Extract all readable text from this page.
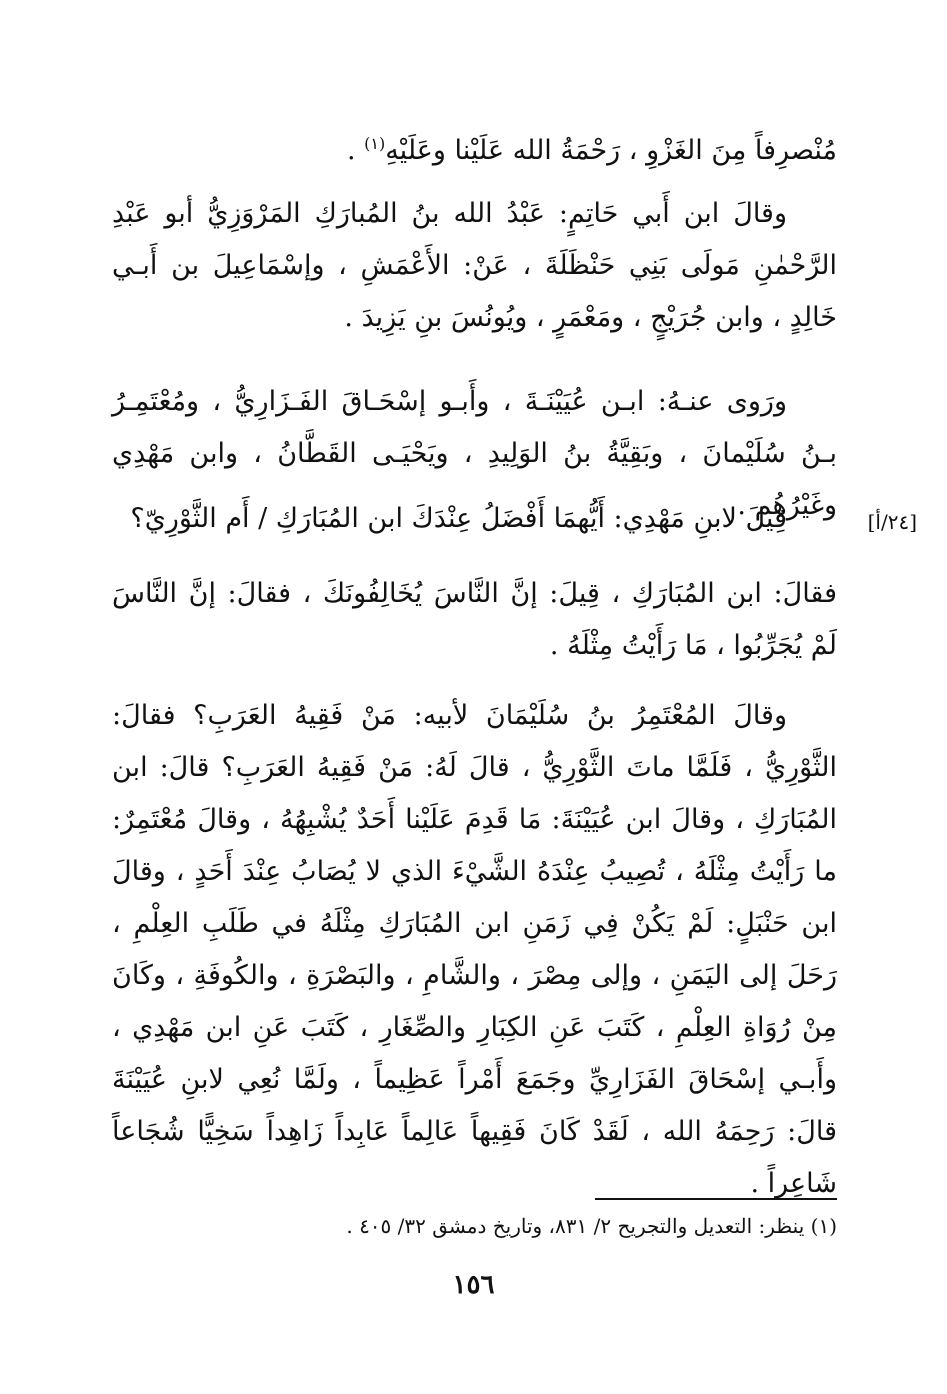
مُنْصرِفاً مِنَ الغَزْوِ ، رَحْمَةُ الله عَلَيْنا وعَلَيْهِ$^{(١)}$ .

وقالَ ابن أَبي حَاتِمٍ: عَبْدُ الله بنُ المُبارَكِ المَرْوَزِيُّ أبو عَبْدِ الرَّحْمٰنِ مَولَى بَنِي حَنْظَلَةَ ، عَنْ: الأَعْمَشِ ، وإسْمَاعِيلَ بن أَبـي خَالِدٍ ، وابن جُرَيْجٍ ، ومَعْمَرٍ ، ويُونُسَ بنِ يَزِيدَ .

ورَوى عنـهُ: ابـن عُيَيْنَـةَ ، وأَبـو إسْحَـاقَ الفَـزَارِيُّ ، ومُعْتَمِـرُ بـنُ سُلَيْمانَ ، وبَقِيَّةُ بنُ الوَلِيدِ ، ويَحْيَـى القَطَّانُ ، وابن مَهْدِي وغَيْرُهُم .

قِيلَ لابنِ مَهْدِي: أَيُّهمَا أَفْضَلُ عِنْدَكَ ابن المُبَارَكِ / أَم الثَّوْرِيّ؟	[٢٤/أ]

فقالَ: ابن المُبَارَكِ ، قِيلَ: إنَّ النَّاسَ يُخَالِفُونَكَ ، فقالَ: إنَّ النَّاسَ لَمْ يُجَرِّبُوا ، مَا رَأَيْتُ مِثْلَهُ .

وقالَ المُعْتَمِرُ بنُ سُلَيْمَانَ لأبيه: مَنْ فَقِيهُ العَرَبِ؟ فقالَ: الثَّوْرِيُّ ، فَلَمَّا ماتَ الثَّوْرِيُّ ، قالَ لَهُ: مَنْ فَقِيهُ العَرَبِ؟ قالَ: ابن المُبَارَكِ ، وقالَ ابن عُيَيْنَةَ: مَا قَدِمَ عَلَيْنا أَحَدٌ يُشْبِهُهُ ، وقالَ مُعْتَمِرٌ: ما رَأَيْتُ مِثْلَهُ ، تُصِيبُ عِنْدَهُ الشَّيْءَ الذي لا يُصَابُ عِنْدَ أَحَدٍ ، وقالَ ابن حَنْبَلٍ: لَمْ يَكُنْ فِي زَمَنِ ابن المُبَارَكِ مِثْلَهُ في طَلَبِ العِلْمِ ، رَحَلَ إلى اليَمَنِ ، وإلى مِصْرَ ، والشَّامِ ، والبَصْرَةِ ، والكُوفَةِ ، وكَانَ مِنْ رُوَاةِ العِلْمِ ، كَتَبَ عَنِ الكِبَارِ والصِّغَارِ ، كَتَبَ عَنِ ابن مَهْدِي ، وأَبـي إسْحَاقَ الفَزَارِيِّ وجَمَعَ أَمْراً عَظِيماً ، ولَمَّا نُعِي لابنِ عُيَيْنَةَ قالَ: رَحِمَهُ الله ، لَقَدْ كَانَ فَقِيهاً عَالِماً عَابِداً زَاهِداً سَخِيًّا شُجَاعاً شَاعِراً .

(١) ينظر: التعديل والتجريح ٢/ ٨٣١، وتاريخ دمشق ٣٢/ ٤٠٥ .
١٥٦
